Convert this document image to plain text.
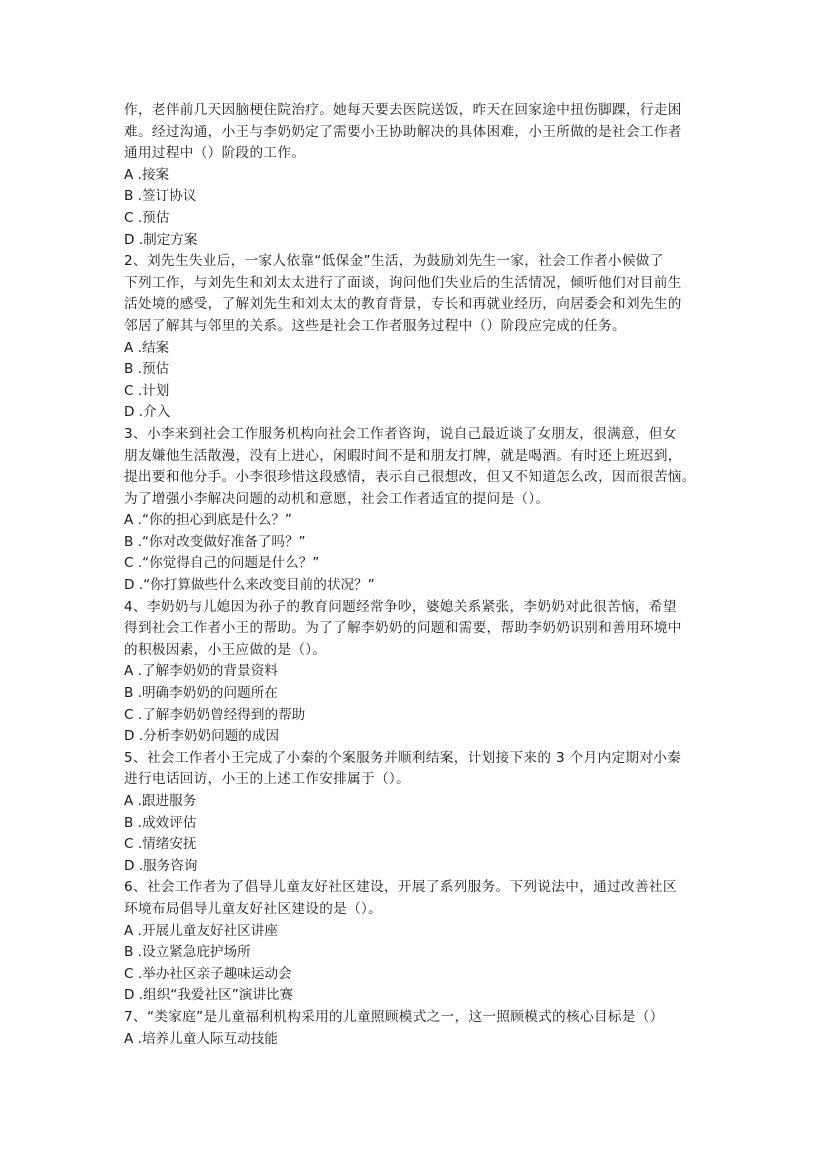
作，老伴前几天因脑梗住院治疗。她每天要去医院送饭，昨天在回家途中扭伤脚踝，行走困
难。经过沟通，小王与李奶奶定了需要小王协助解决的具体困难，小王所做的是社会工作者
通用过程中（）阶段的工作。
A .接案
B .签订协议
C .预估
D .制定方案
2、刘先生失业后，一家人依靠“低保金”生活，为鼓励刘先生一家，社会工作者小候做了
下列工作，与刘先生和刘太太进行了面谈，询问他们失业后的生活情况，倾听他们对目前生
活处境的感受，了解刘先生和刘太太的教育背景，专长和再就业经历，向居委会和刘先生的
邻居了解其与邻里的关系。这些是社会工作者服务过程中（）阶段应完成的任务。
A .结案
B .预估
C .计划
D .介入
3、小李来到社会工作服务机构向社会工作者咨询，说自己最近谈了女朋友，很满意，但女
朋友嫌他生活散漫，没有上进心，闲暇时间不是和朋友打牌，就是喝酒。有时还上班迟到，
提出要和他分手。小李很珍惜这段感情，表示自己很想改，但又不知道怎么改，因而很苦恼。
为了增强小李解决问题的动机和意愿，社会工作者适宜的提问是（）。
A .“你的担心到底是什么？”
B .“你对改变做好准备了吗？”
C .“你觉得自己的问题是什么？”
D .“你打算做些什么来改变目前的状况？”
4、李奶奶与儿媳因为孙子的教育问题经常争吵，婆媳关系紧张，李奶奶对此很苦恼，希望
得到社会工作者小王的帮助。为了了解李奶奶的问题和需要，帮助李奶奶识别和善用环境中
的积极因素，小王应做的是（）。
A .了解李奶奶的背景资料
B .明确李奶奶的问题所在
C .了解李奶奶曾经得到的帮助
D .分析李奶奶问题的成因
5、社会工作者小王完成了小秦的个案服务并顺利结案，计划接下来的 3 个月内定期对小秦
进行电话回访，小王的上述工作安排属于（）。
A .跟进服务
B .成效评估
C .情绪安抚
D .服务咨询
6、社会工作者为了倡导儿童友好社区建设，开展了系列服务。下列说法中，通过改善社区
环境布局倡导儿童友好社区建设的是（）。
A .开展儿童友好社区讲座
B .设立紧急庇护场所
C .举办社区亲子趣味运动会
D .组织“我爱社区”演讲比赛
7、“类家庭”是儿童福利机构采用的儿童照顾模式之一，这一照顾模式的核心目标是（）
A .培养儿童人际互动技能
